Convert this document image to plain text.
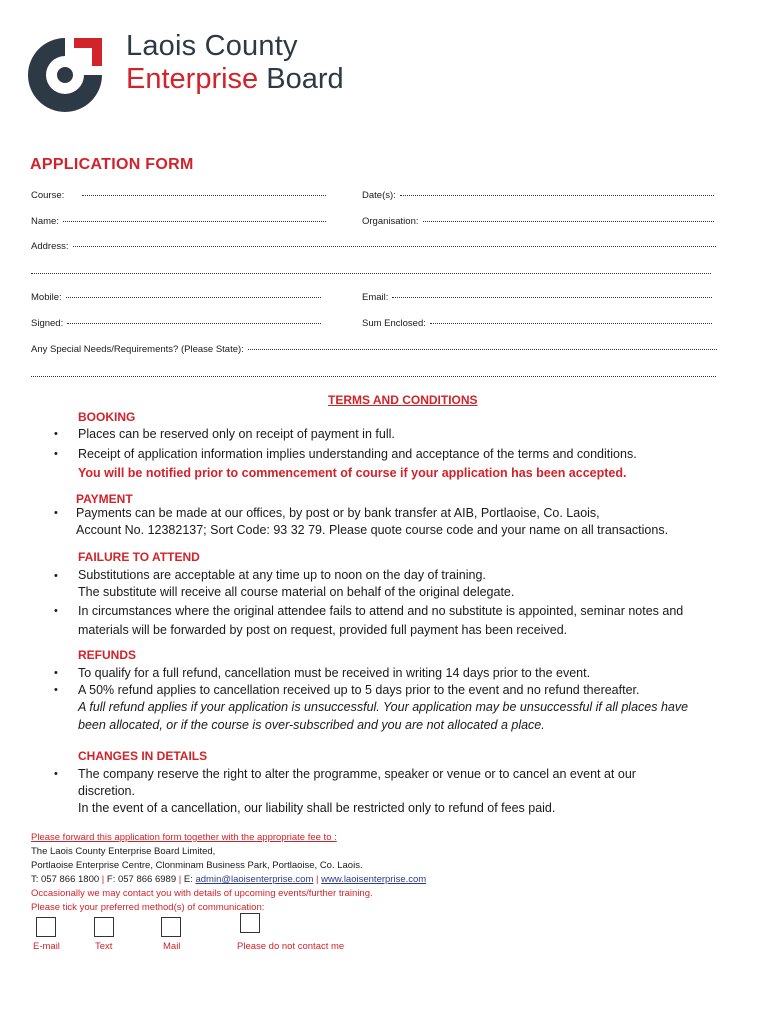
Laois County
Enterprise Board
APPLICATION FORM
Course:	Date(s):
Name:	Organisation:
Address:
Mobile:	Email:
Signed:	Sum Enclosed:
Any Special Needs/Requirements? (Please State):
TERMS AND CONDITIONS
BOOKING
• Places can be reserved only on receipt of payment in full.
• Receipt of application information implies understanding and acceptance of the terms and conditions.
You will be notified prior to commencement of course if your application has been accepted.
PAYMENT
• Payments can be made at our offices, by post or by bank transfer at AIB, Portlaoise, Co. Laois,
Account No. 12382137; Sort Code: 93 32 79. Please quote course code and your name on all transactions.
FAILURE TO ATTEND
• Substitutions are acceptable at any time up to noon on the day of training.
The substitute will receive all course material on behalf of the original delegate.
• In circumstances where the original attendee fails to attend and no substitute is appointed, seminar notes and
materials will be forwarded by post on request, provided full payment has been received.
REFUNDS
• To qualify for a full refund, cancellation must be received in writing 14 days prior to the event.
• A 50% refund applies to cancellation received up to 5 days prior to the event and no refund thereafter.
A full refund applies if your application is unsuccessful. Your application may be unsuccessful if all places have
been allocated, or if the course is over-subscribed and you are not allocated a place.
CHANGES IN DETAILS
• The company reserve the right to alter the programme, speaker or venue or to cancel an event at our
discretion.
In the event of a cancellation, our liability shall be restricted only to refund of fees paid.
Please forward this application form together with the appropriate fee to :
The Laois County Enterprise Board Limited,
Portlaoise Enterprise Centre, Clonminam Business Park, Portlaoise, Co. Laois.
T: 057 866 1800 | F: 057 866 6989 | E: admin@laoisenterprise.com | www.laoisenterprise.com
Occasionally we may contact you with details of upcoming events/further training.
Please tick your preferred method(s) of communication:
E-mail	Text	Mail	Please do not contact me
